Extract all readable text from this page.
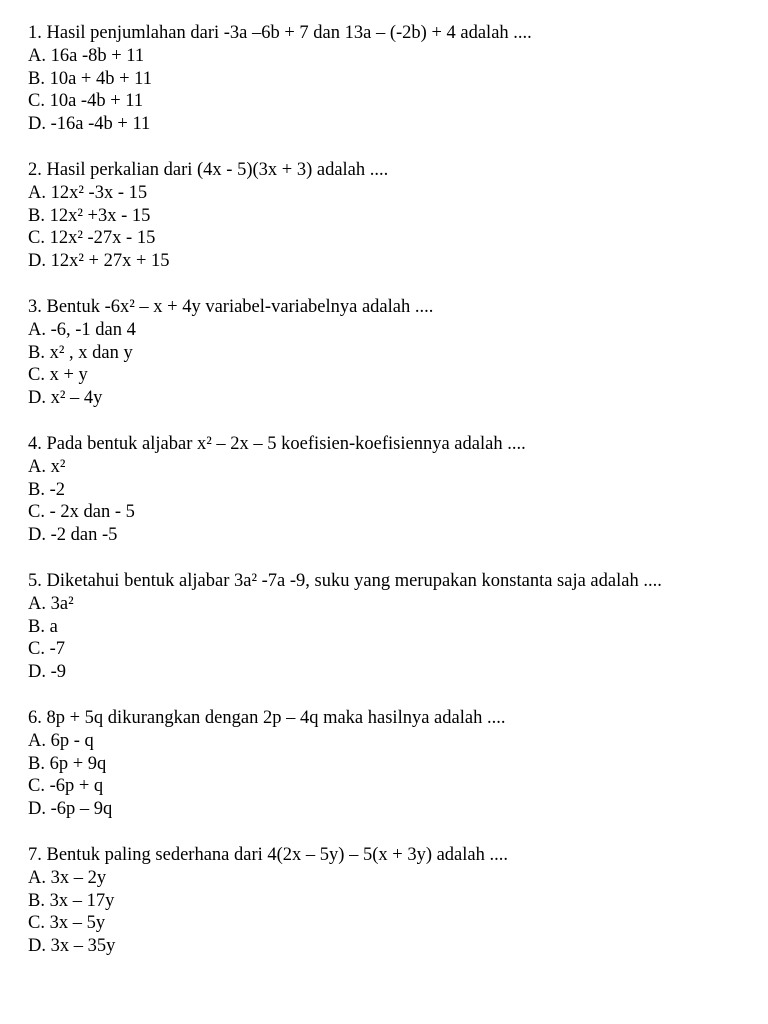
1. Hasil penjumlahan dari -3a –6b + 7 dan 13a – (-2b) + 4 adalah ....

A. 16a -8b + 11

B. 10a + 4b + 11

C. 10a -4b + 11

D. -16a -4b + 11

2. Hasil perkalian dari (4x - 5)(3x + 3) adalah ....

A. 12x² -3x - 15

B. 12x² +3x - 15

C. 12x² -27x - 15

D. 12x² + 27x + 15

3. Bentuk -6x² – x + 4y variabel-variabelnya adalah ....

A. -6, -1 dan 4

B. x² , x dan y

C. x + y

D. x² – 4y

4. Pada bentuk aljabar x² – 2x – 5 koefisien-koefisiennya adalah ....

A. x²

B. -2

C. - 2x dan - 5

D. -2 dan -5

5. Diketahui bentuk aljabar 3a² -7a -9, suku yang merupakan konstanta saja adalah ....

A. 3a²

B. a

C. -7

D. -9

6. 8p + 5q dikurangkan dengan 2p – 4q maka hasilnya adalah ....

A. 6p - q

B. 6p + 9q

C. -6p + q

D. -6p – 9q

7. Bentuk paling sederhana dari 4(2x – 5y) – 5(x + 3y) adalah ....

A. 3x – 2y

B. 3x – 17y

C. 3x – 5y

D. 3x – 35y
